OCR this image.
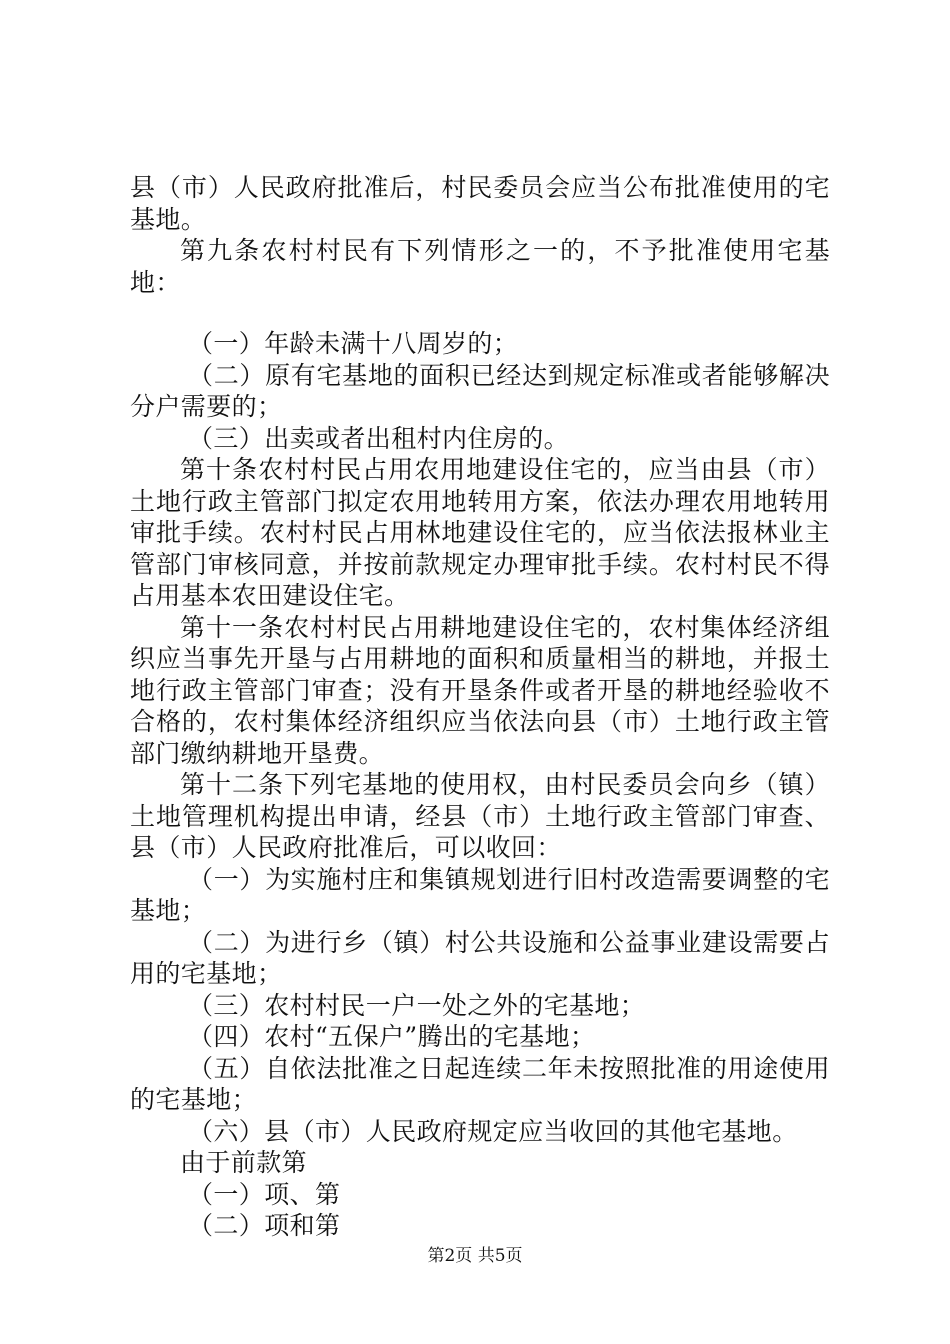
县（市）人民政府批准后，村民委员会应当公布批准使用的宅基地。

第九条农村村民有下列情形之一的，不予批准使用宅基地：

（一）年龄未满十八周岁的；

（二）原有宅基地的面积已经达到规定标准或者能够解决分户需要的；

（三）出卖或者出租村内住房的。

第十条农村村民占用农用地建设住宅的，应当由县（市）土地行政主管部门拟定农用地转用方案，依法办理农用地转用审批手续。农村村民占用林地建设住宅的，应当依法报林业主管部门审核同意，并按前款规定办理审批手续。农村村民不得占用基本农田建设住宅。

第十一条农村村民占用耕地建设住宅的，农村集体经济组织应当事先开垦与占用耕地的面积和质量相当的耕地，并报土地行政主管部门审查；没有开垦条件或者开垦的耕地经验收不合格的，农村集体经济组织应当依法向县（市）土地行政主管部门缴纳耕地开垦费。

第十二条下列宅基地的使用权，由村民委员会向乡（镇）土地管理机构提出申请，经县（市）土地行政主管部门审查、县（市）人民政府批准后，可以收回：

（一）为实施村庄和集镇规划进行旧村改造需要调整的宅基地；

（二）为进行乡（镇）村公共设施和公益事业建设需要占用的宅基地；

（三）农村村民一户一处之外的宅基地；

（四）农村“五保户”腾出的宅基地；

（五）自依法批准之日起连续二年未按照批准的用途使用的宅基地；

（六）县（市）人民政府规定应当收回的其他宅基地。

由于前款第

（一）项、第

（二）项和第

第2页 共5页
